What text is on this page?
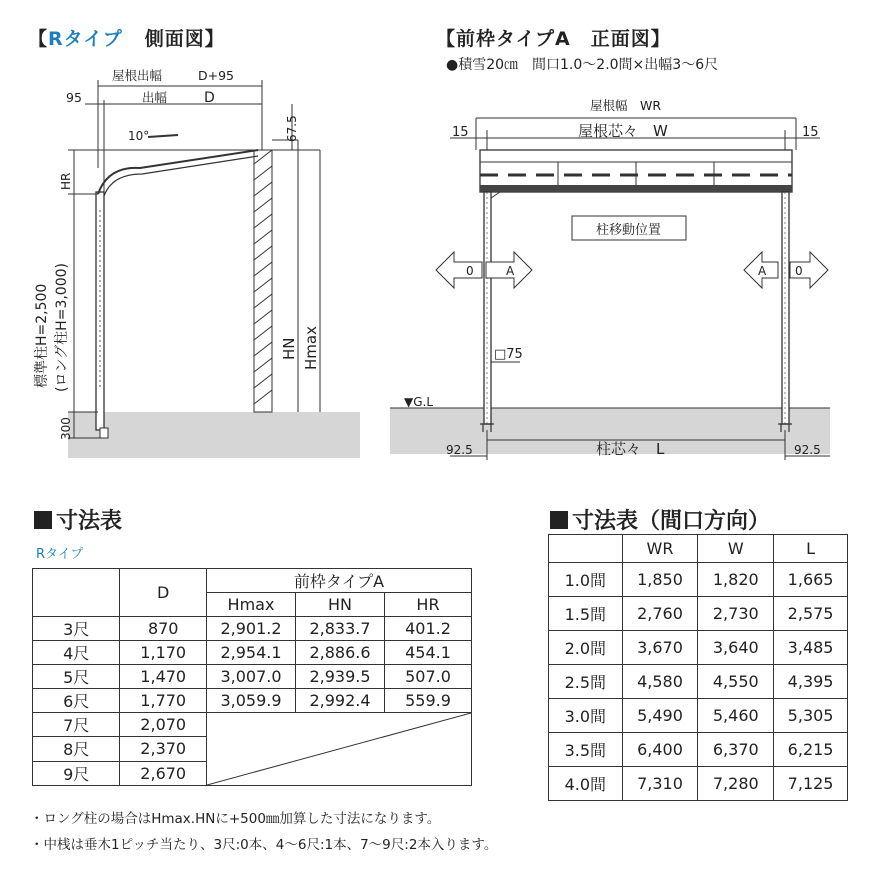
【Rタイプ 側面図】
屋根出幅	D+95
95	出幅	D
10°	67.5
HR
HN Hmax
標準柱H=2,500 (ロング柱H=3,000)
300
【前枠タイプA　正面図】
●積雪20㎝　間口1.0〜2.0間×出幅3〜6尺
屋根幅　WR
屋根芯々　W
15	15
柱移動位置
0	A	A 0
□75
▼G.L
柱芯々　L
92.5	92.5
寸法表
Rタイプ
	D	前枠タイプA		
		Hmax	HN	HR
3尺	870	2,901.2	2,833.7	401.2
4尺	1,170	2,954.1	2,886.6	454.1
5尺	1,470	3,007.0	2,939.5	507.0
6尺	1,770	3,059.9	2,992.4	559.9
7尺	2,070	

8尺	2,370			
9尺	2,670			
寸法表（間口方向）
	WR	W	L
1.0間	1,850	1,820	1,665
1.5間	2,760	2,730	2,575
2.0間	3,670	3,640	3,485
2.5間	4,580	4,550	4,395
3.0間	5,490	5,460	5,305
3.5間	6,400	6,370	6,215
4.0間	7,310	7,280	7,125
・ロング柱の場合はHmax.HNに+500㎜加算した寸法になります。
・中桟は垂木1ピッチ当たり、3尺:0本、4〜6尺:1本、7〜9尺:2本入ります。
